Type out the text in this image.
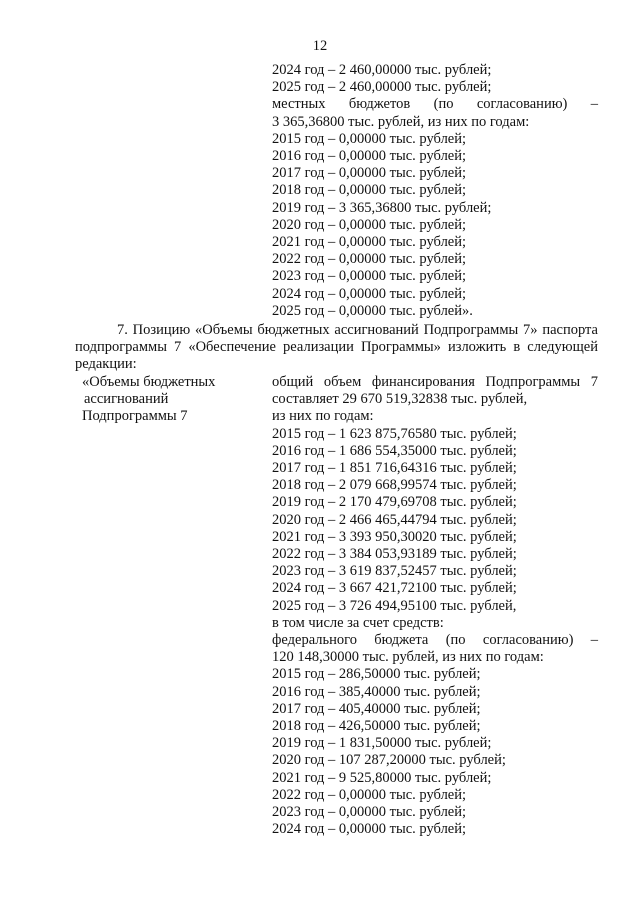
12
2024 год – 2 460,00000 тыс. рублей;
2025 год – 2 460,00000 тыс. рублей;
местных бюджетов (по согласованию) –
3 365,36800 тыс. рублей, из них по годам:
2015 год – 0,00000 тыс. рублей;
2016 год – 0,00000 тыс. рублей;
2017 год – 0,00000 тыс. рублей;
2018 год – 0,00000 тыс. рублей;
2019 год – 3 365,36800 тыс. рублей;
2020 год – 0,00000 тыс. рублей;
2021 год – 0,00000 тыс. рублей;
2022 год – 0,00000 тыс. рублей;
2023 год – 0,00000 тыс. рублей;
2024 год – 0,00000 тыс. рублей;
2025 год – 0,00000 тыс. рублей».
7. Позицию «Объемы бюджетных ассигнований Подпрограммы 7» паспорта подпрограммы 7 «Обеспечение реализации Программы» изложить в следующей редакции:
«Объемы бюджетных
ассигнований
Подпрограммы 7
общий объем финансирования Подпрограммы 7
составляет 29 670 519,32838 тыс. рублей,
из них по годам:
2015 год – 1 623 875,76580 тыс. рублей;
2016 год – 1 686 554,35000 тыс. рублей;
2017 год – 1 851 716,64316 тыс. рублей;
2018 год – 2 079 668,99574 тыс. рублей;
2019 год – 2 170 479,69708 тыс. рублей;
2020 год – 2 466 465,44794 тыс. рублей;
2021 год – 3 393 950,30020 тыс. рублей;
2022 год – 3 384 053,93189 тыс. рублей;
2023 год – 3 619 837,52457 тыс. рублей;
2024 год – 3 667 421,72100 тыс. рублей;
2025 год – 3 726 494,95100 тыс. рублей,
в том числе за счет средств:
федерального бюджета (по согласованию) –
120 148,30000 тыс. рублей, из них по годам:
2015 год – 286,50000 тыс. рублей;
2016 год – 385,40000 тыс. рублей;
2017 год – 405,40000 тыс. рублей;
2018 год – 426,50000 тыс. рублей;
2019 год – 1 831,50000 тыс. рублей;
2020 год – 107 287,20000 тыс. рублей;
2021 год – 9 525,80000 тыс. рублей;
2022 год – 0,00000 тыс. рублей;
2023 год – 0,00000 тыс. рублей;
2024 год – 0,00000 тыс. рублей;
